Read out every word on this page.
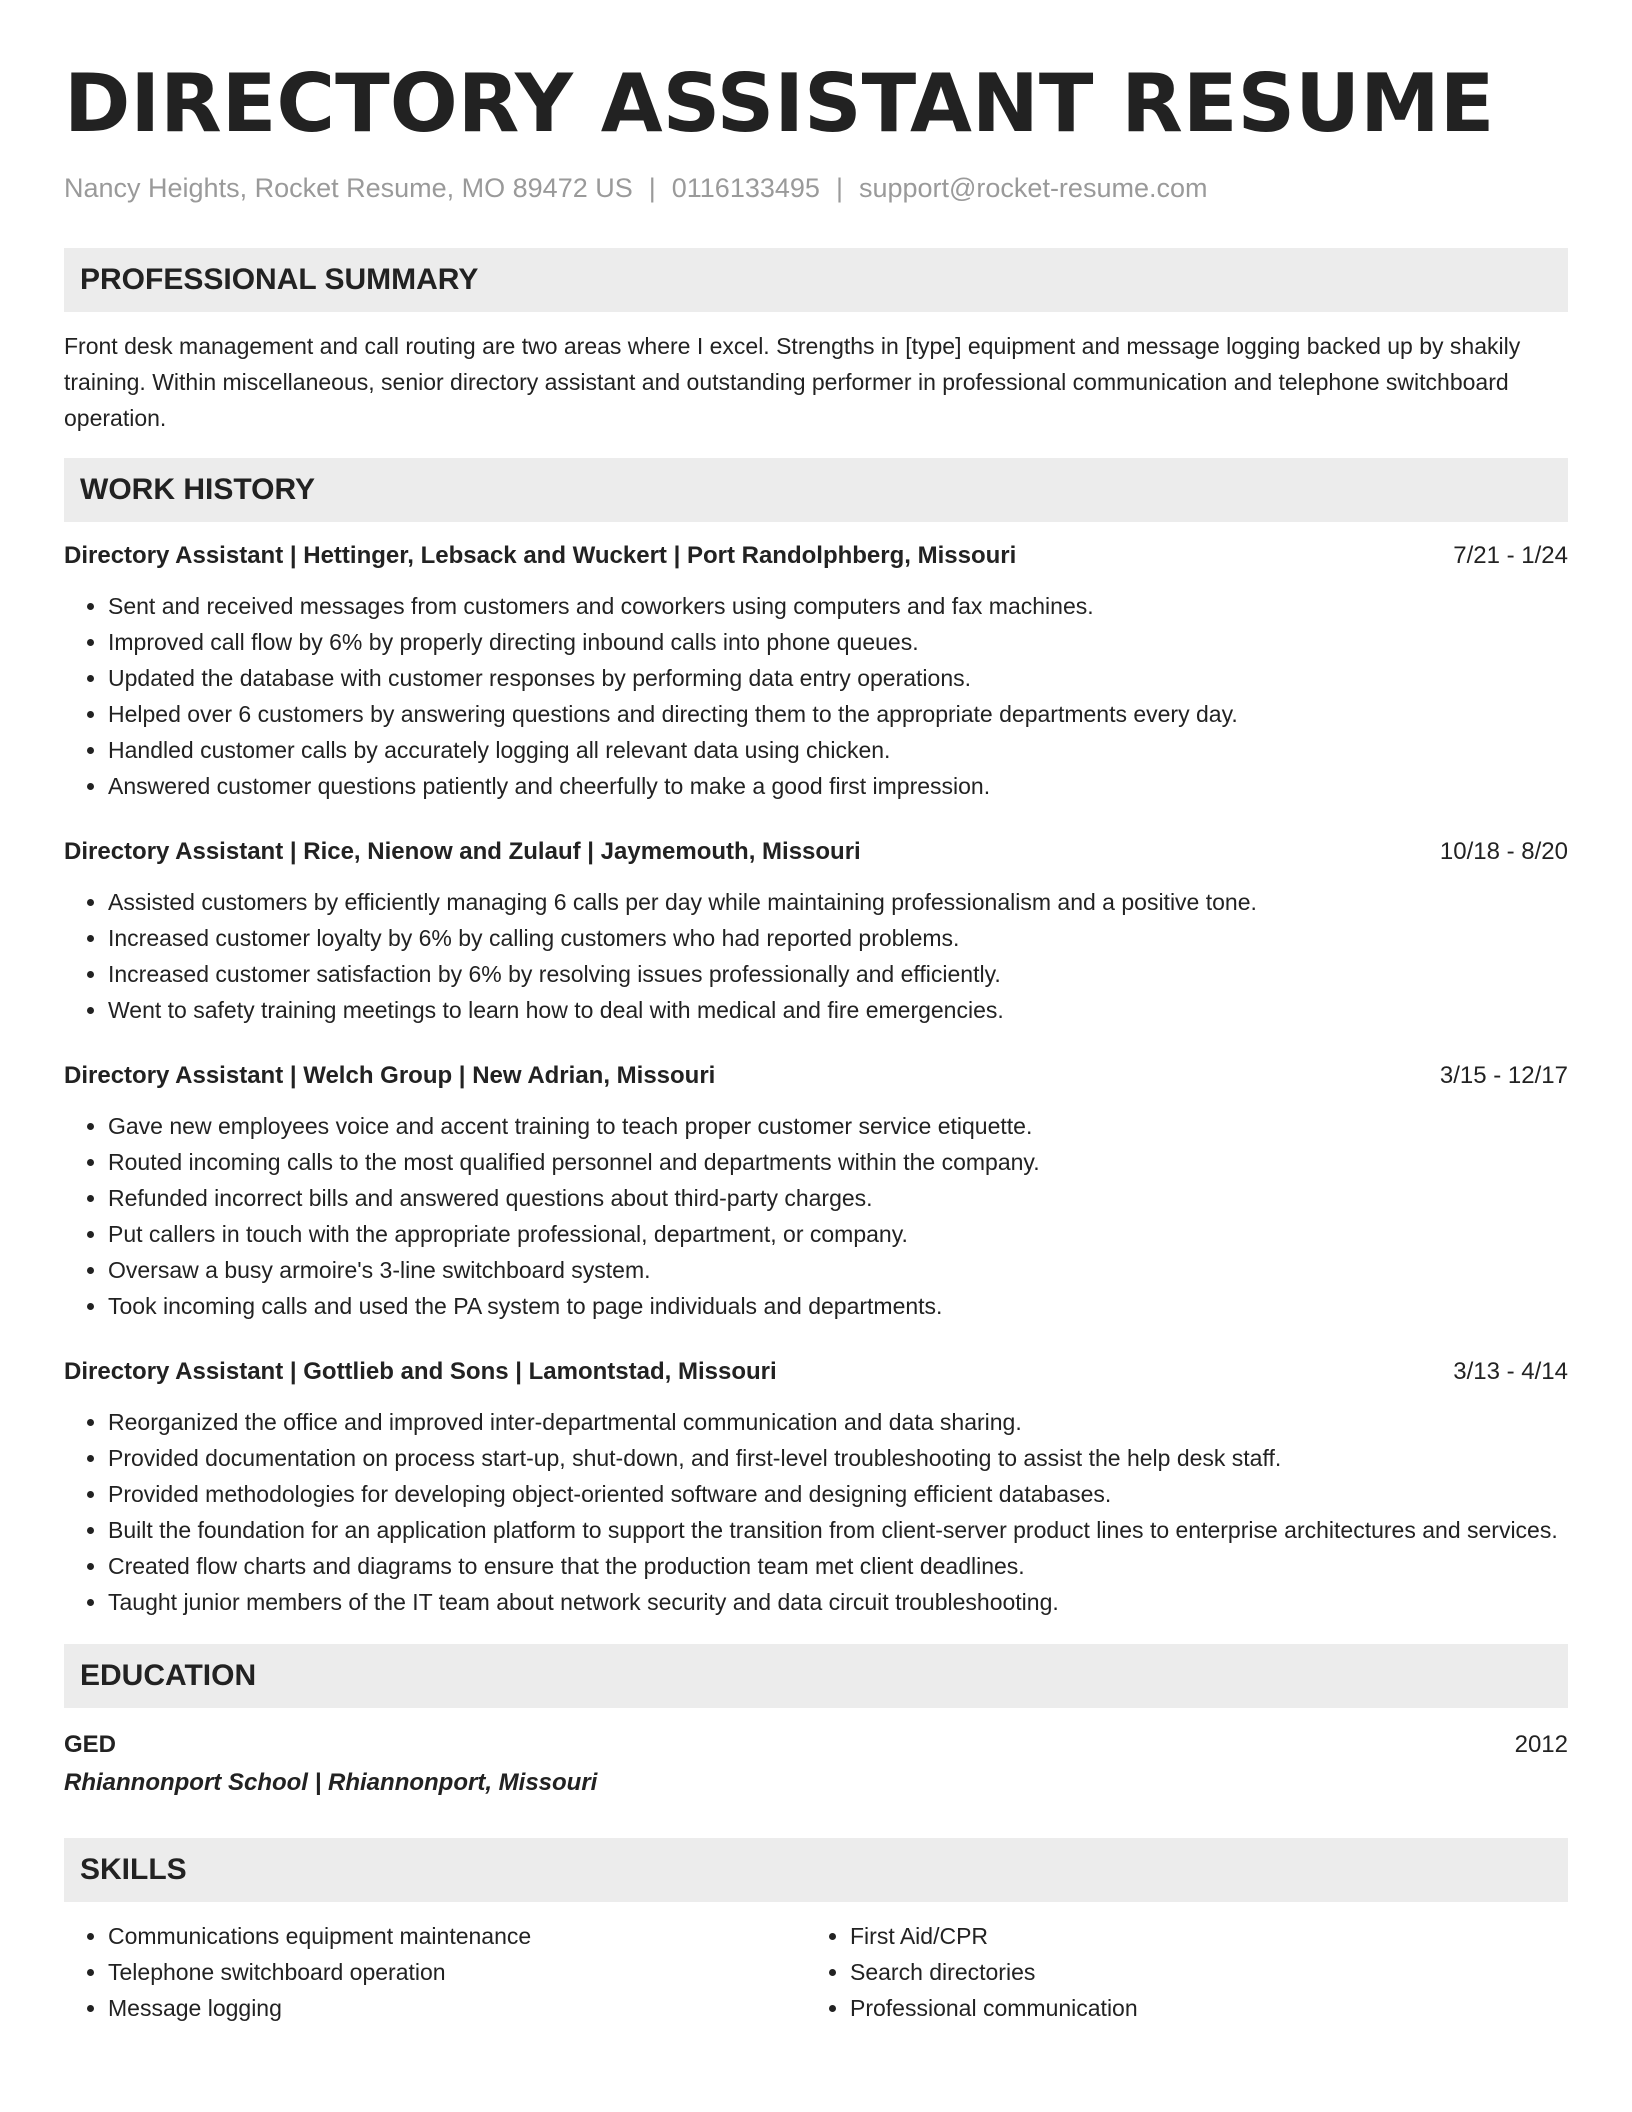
DIRECTORY ASSISTANT RESUME
Nancy Heights, Rocket Resume, MO 89472 US | 0116133495 | support@rocket-resume.com
PROFESSIONAL SUMMARY
Front desk management and call routing are two areas where I excel. Strengths in [type] equipment and message logging backed up by shakily training. Within miscellaneous, senior directory assistant and outstanding performer in professional communication and telephone switchboard operation.
WORK HISTORY
Directory Assistant | Hettinger, Lebsack and Wuckert | Port Randolphberg, Missouri	7/21 - 1/24
• Sent and received messages from customers and coworkers using computers and fax machines.
• Improved call flow by 6% by properly directing inbound calls into phone queues.
• Updated the database with customer responses by performing data entry operations.
• Helped over 6 customers by answering questions and directing them to the appropriate departments every day.
• Handled customer calls by accurately logging all relevant data using chicken.
• Answered customer questions patiently and cheerfully to make a good first impression.
Directory Assistant | Rice, Nienow and Zulauf | Jaymemouth, Missouri	10/18 - 8/20
• Assisted customers by efficiently managing 6 calls per day while maintaining professionalism and a positive tone.
• Increased customer loyalty by 6% by calling customers who had reported problems.
• Increased customer satisfaction by 6% by resolving issues professionally and efficiently.
• Went to safety training meetings to learn how to deal with medical and fire emergencies.
Directory Assistant | Welch Group | New Adrian, Missouri	3/15 - 12/17
• Gave new employees voice and accent training to teach proper customer service etiquette.
• Routed incoming calls to the most qualified personnel and departments within the company.
• Refunded incorrect bills and answered questions about third-party charges.
• Put callers in touch with the appropriate professional, department, or company.
• Oversaw a busy armoire's 3-line switchboard system.
• Took incoming calls and used the PA system to page individuals and departments.
Directory Assistant | Gottlieb and Sons | Lamontstad, Missouri	3/13 - 4/14
• Reorganized the office and improved inter-departmental communication and data sharing.
• Provided documentation on process start-up, shut-down, and first-level troubleshooting to assist the help desk staff.
• Provided methodologies for developing object-oriented software and designing efficient databases.
• Built the foundation for an application platform to support the transition from client-server product lines to enterprise architectures and services.
• Created flow charts and diagrams to ensure that the production team met client deadlines.
• Taught junior members of the IT team about network security and data circuit troubleshooting.
EDUCATION
GED	2012
Rhiannonport School | Rhiannonport, Missouri
SKILLS
• Communications equipment maintenance
• Telephone switchboard operation
• Message logging
• First Aid/CPR
• Search directories
• Professional communication
